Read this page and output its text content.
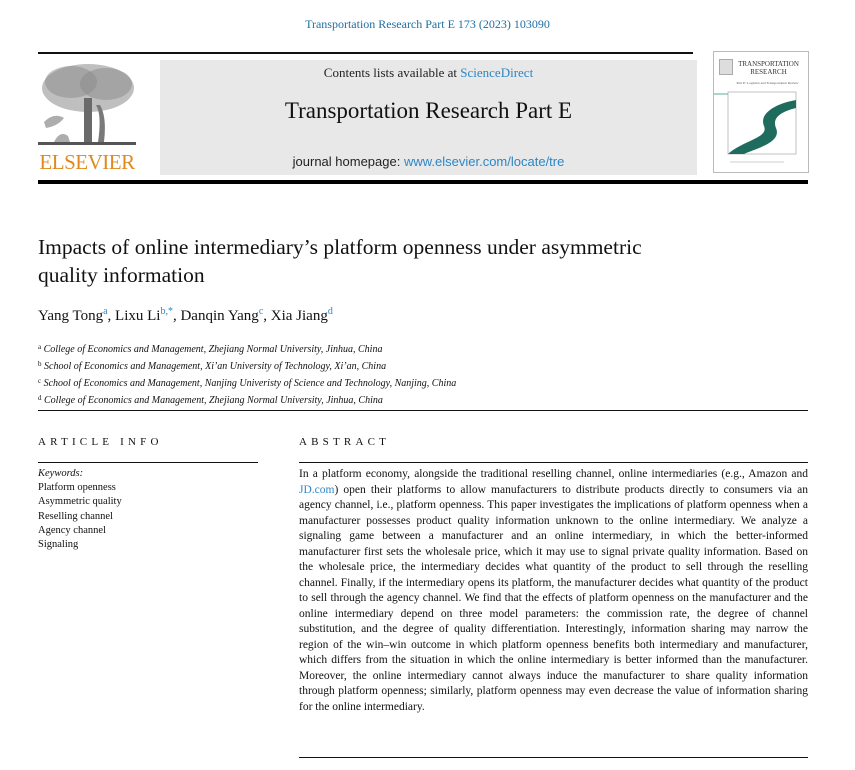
Transportation Research Part E 173 (2023) 103090
ELSEVIER
Contents lists available at ScienceDirect
Transportation Research Part E
journal homepage: www.elsevier.com/locate/tre
TRANSPORTATION
RESEARCH
Part E: Logistics and Transportation Review
Impacts of online intermediary’s platform openness under asymmetric quality information
Yang Tong$^a$, Lixu $Li^{b,*}$, Danqin Yang$^c$, Xia Jiang$^d$
$^a$ College of Economics and Management, Zhejiang Normal University, Jinhua, China
$^b$ School of Economics and Management, Xi’an University of Technology, Xi’an, China
$^c$ School of Economics and Management, Nanjing Univeristy of Science and Technology, Nanjing, China
$^d$ College of Economics and Management, Zhejiang Normal University, Jinhua, China
ARTICLE INFO	ABSTRACT
Keywords:
Platform openness
Asymmetric quality
Reselling channel
Agency channel
Signaling
In a platform economy, alongside the traditional reselling channel, online intermediaries (e.g., Amazon and JD.com) open their platforms to allow manufacturers to distribute products directly to consumers via an agency channel, i.e., platform openness. This paper investigates the implications of platform openness when a manufacturer possesses product quality information unknown to the online intermediary. We analyze a signaling game between a manufacturer and an online intermediary, in which the better-informed manufacturer first sets the wholesale price, which it may use to signal private quality information. Based on the wholesale price, the intermediary decides what quantity of the product to sell through the reselling channel. Finally, if the intermediary opens its platform, the manufacturer decides what quantity of the product to sell through the agency channel. We find that the effects of platform openness on the manufacturer and the online intermediary depend on three model parameters: the commission rate, the degree of channel substitution, and the degree of quality differentiation. Interestingly, information sharing may narrow the region of the win–win outcome in which platform openness benefits both intermediary and manufacturer, which differs from the situation in which the online intermediary is better informed than the manufacturer. Moreover, the online intermediary cannot always induce the manufacturer to share quality information through platform openness; similarly, platform openness may even decrease the value of information sharing for the online intermediary.
